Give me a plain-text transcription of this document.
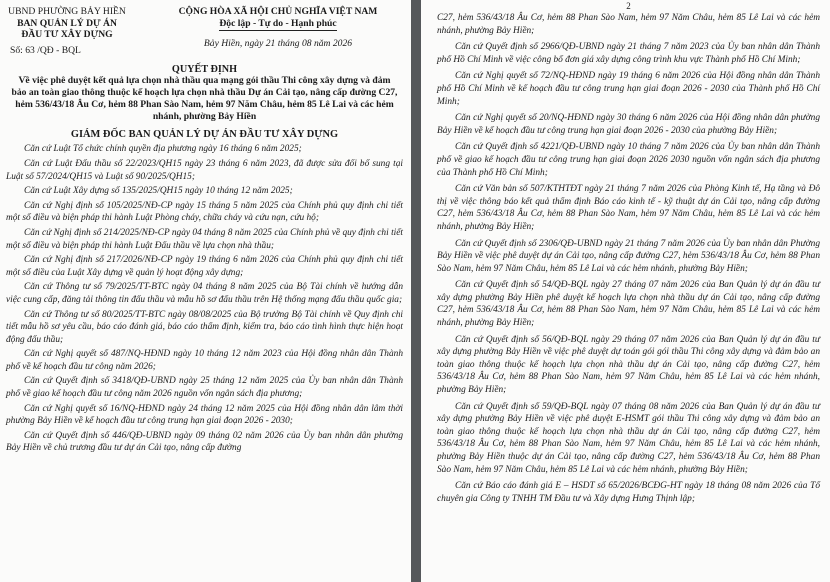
UBND PHƯỜNG BẢY HIỀN
BAN QUẢN LÝ DỰ ÁN
ĐẦU TƯ XÂY DỰNG
Số: 63 /QĐ - BQL
CỘNG HÒA XÃ HỘI CHỦ NGHĨA VIỆT NAM
Độc lập - Tự do - Hạnh phúc
Bảy Hiền, ngày 21 tháng 08 năm 2026
QUYẾT ĐỊNH
Về việc phê duyệt kết quả lựa chọn nhà thầu qua mạng gói thầu Thi công xây dựng và đảm bảo an toàn giao thông thuộc kế hoạch lựa chọn nhà thầu Dự án Cải tạo, nâng cấp đường C27, hẻm 536/43/18 Âu Cơ, hẻm 88 Phan Sào Nam, hẻm 97 Năm Châu, hẻm 85 Lê Lai và các hẻm nhánh, phường Bảy Hiền
GIÁM ĐỐC BAN QUẢN LÝ DỰ ÁN ĐẦU TƯ XÂY DỰNG

Căn cứ Luật Tổ chức chính quyền địa phương ngày 16 tháng 6 năm 2025;

Căn cứ Luật Đấu thầu số 22/2023/QH15 ngày 23 tháng 6 năm 2023, đã được sửa đổi bổ sung tại Luật số 57/2024/QH15 và Luật số 90/2025/QH15;

Căn cứ Luật Xây dựng số 135/2025/QH15 ngày 10 tháng 12 năm 2025;

Căn cứ Nghị định số 105/2025/NĐ-CP ngày 15 tháng 5 năm 2025 của Chính phủ quy định chi tiết một số điều và biện pháp thi hành Luật Phòng cháy, chữa cháy và cứu nạn, cứu hộ;

Căn cứ Nghị định số 214/2025/NĐ-CP ngày 04 tháng 8 năm 2025 của Chính phủ về quy định chi tiết một số điều và biện pháp thi hành Luật Đấu thầu về lựa chọn nhà thầu;

Căn cứ Nghị định số 217/2026/NĐ-CP ngày 19 tháng 6 năm 2026 của Chính phủ quy định chi tiết một số điều của Luật Xây dựng về quản lý hoạt động xây dựng;

Căn cứ Thông tư số 79/2025/TT-BTC ngày 04 tháng 8 năm 2025 của Bộ Tài chính về hướng dẫn việc cung cấp, đăng tải thông tin đấu thầu và mẫu hồ sơ đấu thầu trên Hệ thống mạng đấu thầu quốc gia;

Căn cứ Thông tư số 80/2025/TT-BTC ngày 08/08/2025 của Bộ trưởng Bộ Tài chính về Quy định chi tiết mẫu hồ sơ yêu cầu, báo cáo đánh giá, báo cáo thẩm định, kiểm tra, báo cáo tình hình thực hiện hoạt động đấu thầu;

Căn cứ Nghị quyết số 487/NQ-HĐND ngày 10 tháng 12 năm 2023 của Hội đồng nhân dân Thành phố về kế hoạch đầu tư công năm 2026;

Căn cứ Quyết định số 3418/QĐ-UBND ngày 25 tháng 12 năm 2025 của Ủy ban nhân dân Thành phố về giao kế hoạch đầu tư công năm 2026 nguồn vốn ngân sách địa phương;

Căn cứ Nghị quyết số 16/NQ-HĐND ngày 24 tháng 12 năm 2025 của Hội đồng nhân dân lâm thời phường Bảy Hiền về kế hoạch đầu tư công trung hạn giai đoạn 2026 - 2030;

Căn cứ Quyết định số 446/QĐ-UBND ngày 09 tháng 02 năm 2026 của Ủy ban nhân dân phường Bảy Hiền về chủ trương đầu tư dự án Cải tạo, nâng cấp đường

2

C27, hẻm 536/43/18 Âu Cơ, hẻm 88 Phan Sào Nam, hẻm 97 Năm Châu, hẻm 85 Lê Lai và các hẻm nhánh, phường Bảy Hiền;

Căn cứ Quyết định số 2966/QĐ-UBND ngày 21 tháng 7 năm 2023 của Ủy ban nhân dân Thành phố Hồ Chí Minh về việc công bố đơn giá xây dựng công trình khu vực Thành phố Hồ Chí Minh;

Căn cứ Nghị quyết số 72/NQ-HĐND ngày 19 tháng 6 năm 2026 của Hội đồng nhân dân Thành phố Hồ Chí Minh về kế hoạch đầu tư công trung hạn giai đoạn 2026 - 2030 của Thành phố Hồ Chí Minh;

Căn cứ Nghị quyết số 20/NQ-HĐND ngày 30 tháng 6 năm 2026 của Hội đồng nhân dân phường Bảy Hiền về kế hoạch đầu tư công trung hạn giai đoạn 2026 - 2030 của phường Bảy Hiền;

Căn cứ Quyết định số 4221/QĐ-UBND ngày 10 tháng 7 năm 2026 của Ủy ban nhân dân Thành phố về giao kế hoạch đầu tư công trung hạn giai đoạn 2026 2030 nguồn vốn ngân sách địa phương của Thành phố Hồ Chí Minh;

Căn cứ Văn bản số 507/KTHTĐT ngày 21 tháng 7 năm 2026 của Phòng Kinh tế, Hạ tầng và Đô thị về việc thông báo kết quả thẩm định Báo cáo kinh tế - kỹ thuật dự án Cải tạo, nâng cấp đường C27, hẻm 536/43/18 Âu Cơ, hẻm 88 Phan Sào Nam, hẻm 97 Năm Châu, hẻm 85 Lê Lai và các hẻm nhánh, phường Bảy Hiền;

Căn cứ Quyết định số 2306/QĐ-UBND ngày 21 tháng 7 năm 2026 của Ủy ban nhân dân Phường Bảy Hiền về việc phê duyệt dự án Cải tạo, nâng cấp đường C27, hẻm 536/43/18 Âu Cơ, hẻm 88 Phan Sào Nam, hẻm 97 Năm Châu, hẻm 85 Lê Lai và các hẻm nhánh, phường Bảy Hiền;

Căn cứ Quyết định số 54/QĐ-BQL ngày 27 tháng 07 năm 2026 của Ban Quản lý dự án đầu tư xây dựng phường Bảy Hiền phê duyệt kế hoạch lựa chọn nhà thầu dự án Cải tạo, nâng cấp đường C27, hẻm 536/43/18 Âu Cơ, hẻm 88 Phan Sào Nam, hẻm 97 Năm Châu, hẻm 85 Lê Lai và các hẻm nhánh, phường Bảy Hiền;

Căn cứ Quyết định số 56/QĐ-BQL ngày 29 tháng 07 năm 2026 của Ban Quản lý dự án đầu tư xây dựng phường Bảy Hiền về việc phê duyệt dự toán gói gói thầu Thi công xây dựng và đảm bảo an toàn giao thông thuộc kế hoạch lựa chọn nhà thầu dự án Cải tạo, nâng cấp đường C27, hẻm 536/43/18 Âu Cơ, hẻm 88 Phan Sào Nam, hẻm 97 Năm Châu, hẻm 85 Lê Lai và các hẻm nhánh, phường Bảy Hiền;

Căn cứ Quyết định số 59/QĐ-BQL ngày 07 tháng 08 năm 2026 của Ban Quản lý dự án đầu tư xây dựng phường Bảy Hiền về việc phê duyệt E-HSMT gói thầu Thi công xây dựng và đảm bảo an toàn giao thông thuộc kế hoạch lựa chọn nhà thầu dự án Cải tạo, nâng cấp đường C27, hẻm 536/43/18 Âu Cơ, hẻm 88 Phan Sào Nam, hẻm 97 Năm Châu, hẻm 85 Lê Lai và các hẻm nhánh, phường Bảy Hiền thuộc dự án Cải tạo, nâng cấp đường C27, hẻm 536/43/18 Âu Cơ, hẻm 88 Phan Sào Nam, hẻm 97 Năm Châu, hẻm 85 Lê Lai và các hẻm nhánh, phường Bảy Hiền;

Căn cứ Báo cáo đánh giá E – HSDT số 65/2026/BCĐG-HT ngày 18 tháng 08 năm 2026 của Tổ chuyên gia Công ty TNHH TM Đầu tư và Xây dựng Hưng Thịnh lập;
